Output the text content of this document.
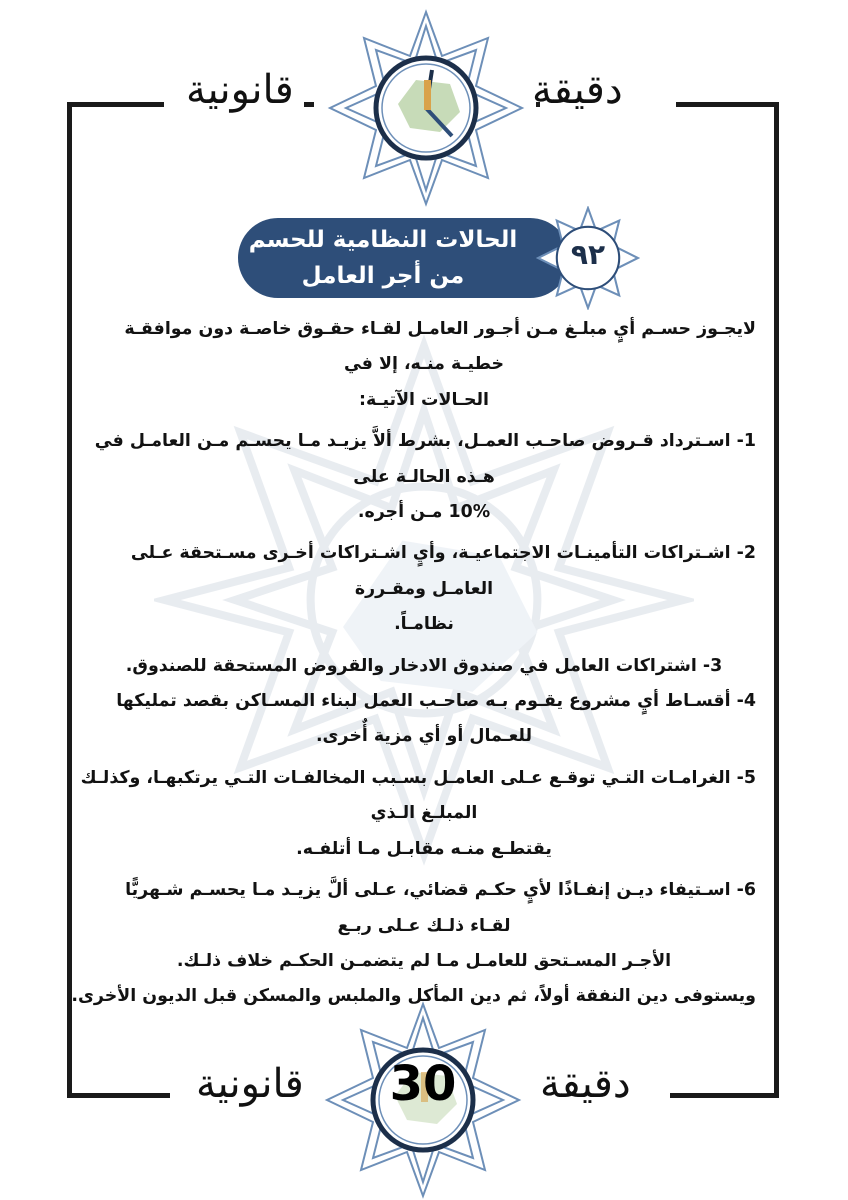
دقيقة
قانونية
الحالات النظامية للحسم
من أجر العامل
٩٢

لايجـوز حسـم أيٍ مبلـغ مـن أجـور العامـل لقـاء حقـوق خاصـة دون موافقـة

خطيـة منـه، إلا في

الحـالات الآتيـة:

1- اسـترداد قـروض صاحـب العمـل، بشرط ألاَّ يزيـد مـا يحسـم مـن العامـل في

هـذه الحالـة على

10% مـن أجره.

2- اشـتراكات التأمينـات الاجتماعيـة، وأيٍ اشـتراكات أخـرى مسـتحقة عـلى

العامـل ومقـررة

نظامـاً.

3- اشتراكات العامل في صندوق الادخار والقروض المستحقة للصندوق.

4- أقسـاط أيٍ مشروع يقـوم بـه صاحـب العمل لبناء المسـاكن بقصد تمليكها

للعـمال أو أي مزية أٌخرى.

5- الغرامـات التـي توقـع عـلى العامـل بسـبب المخالفـات التـي يرتكبهـا، وكذلـك

المبلـغ الـذي

يقتطـع منـه مقابـل مـا أتلفـه.

6- اسـتيفاء ديـن إنفـاذًا لأيٍ حكـم قضائي، عـلى ألَّ يزيـد مـا يحسـم شـهريًّا

لقـاء ذلـك عـلى ربـع

الأجـر المسـتحق للعامـل مـا لم يتضمـن الحكـم خلاف ذلـك.

ويستوفى دين النفقة أولاً، ثم دين المأكل والملبس والمسكن قبل الديون الأخرى.

دقيقة
قانونية	30
